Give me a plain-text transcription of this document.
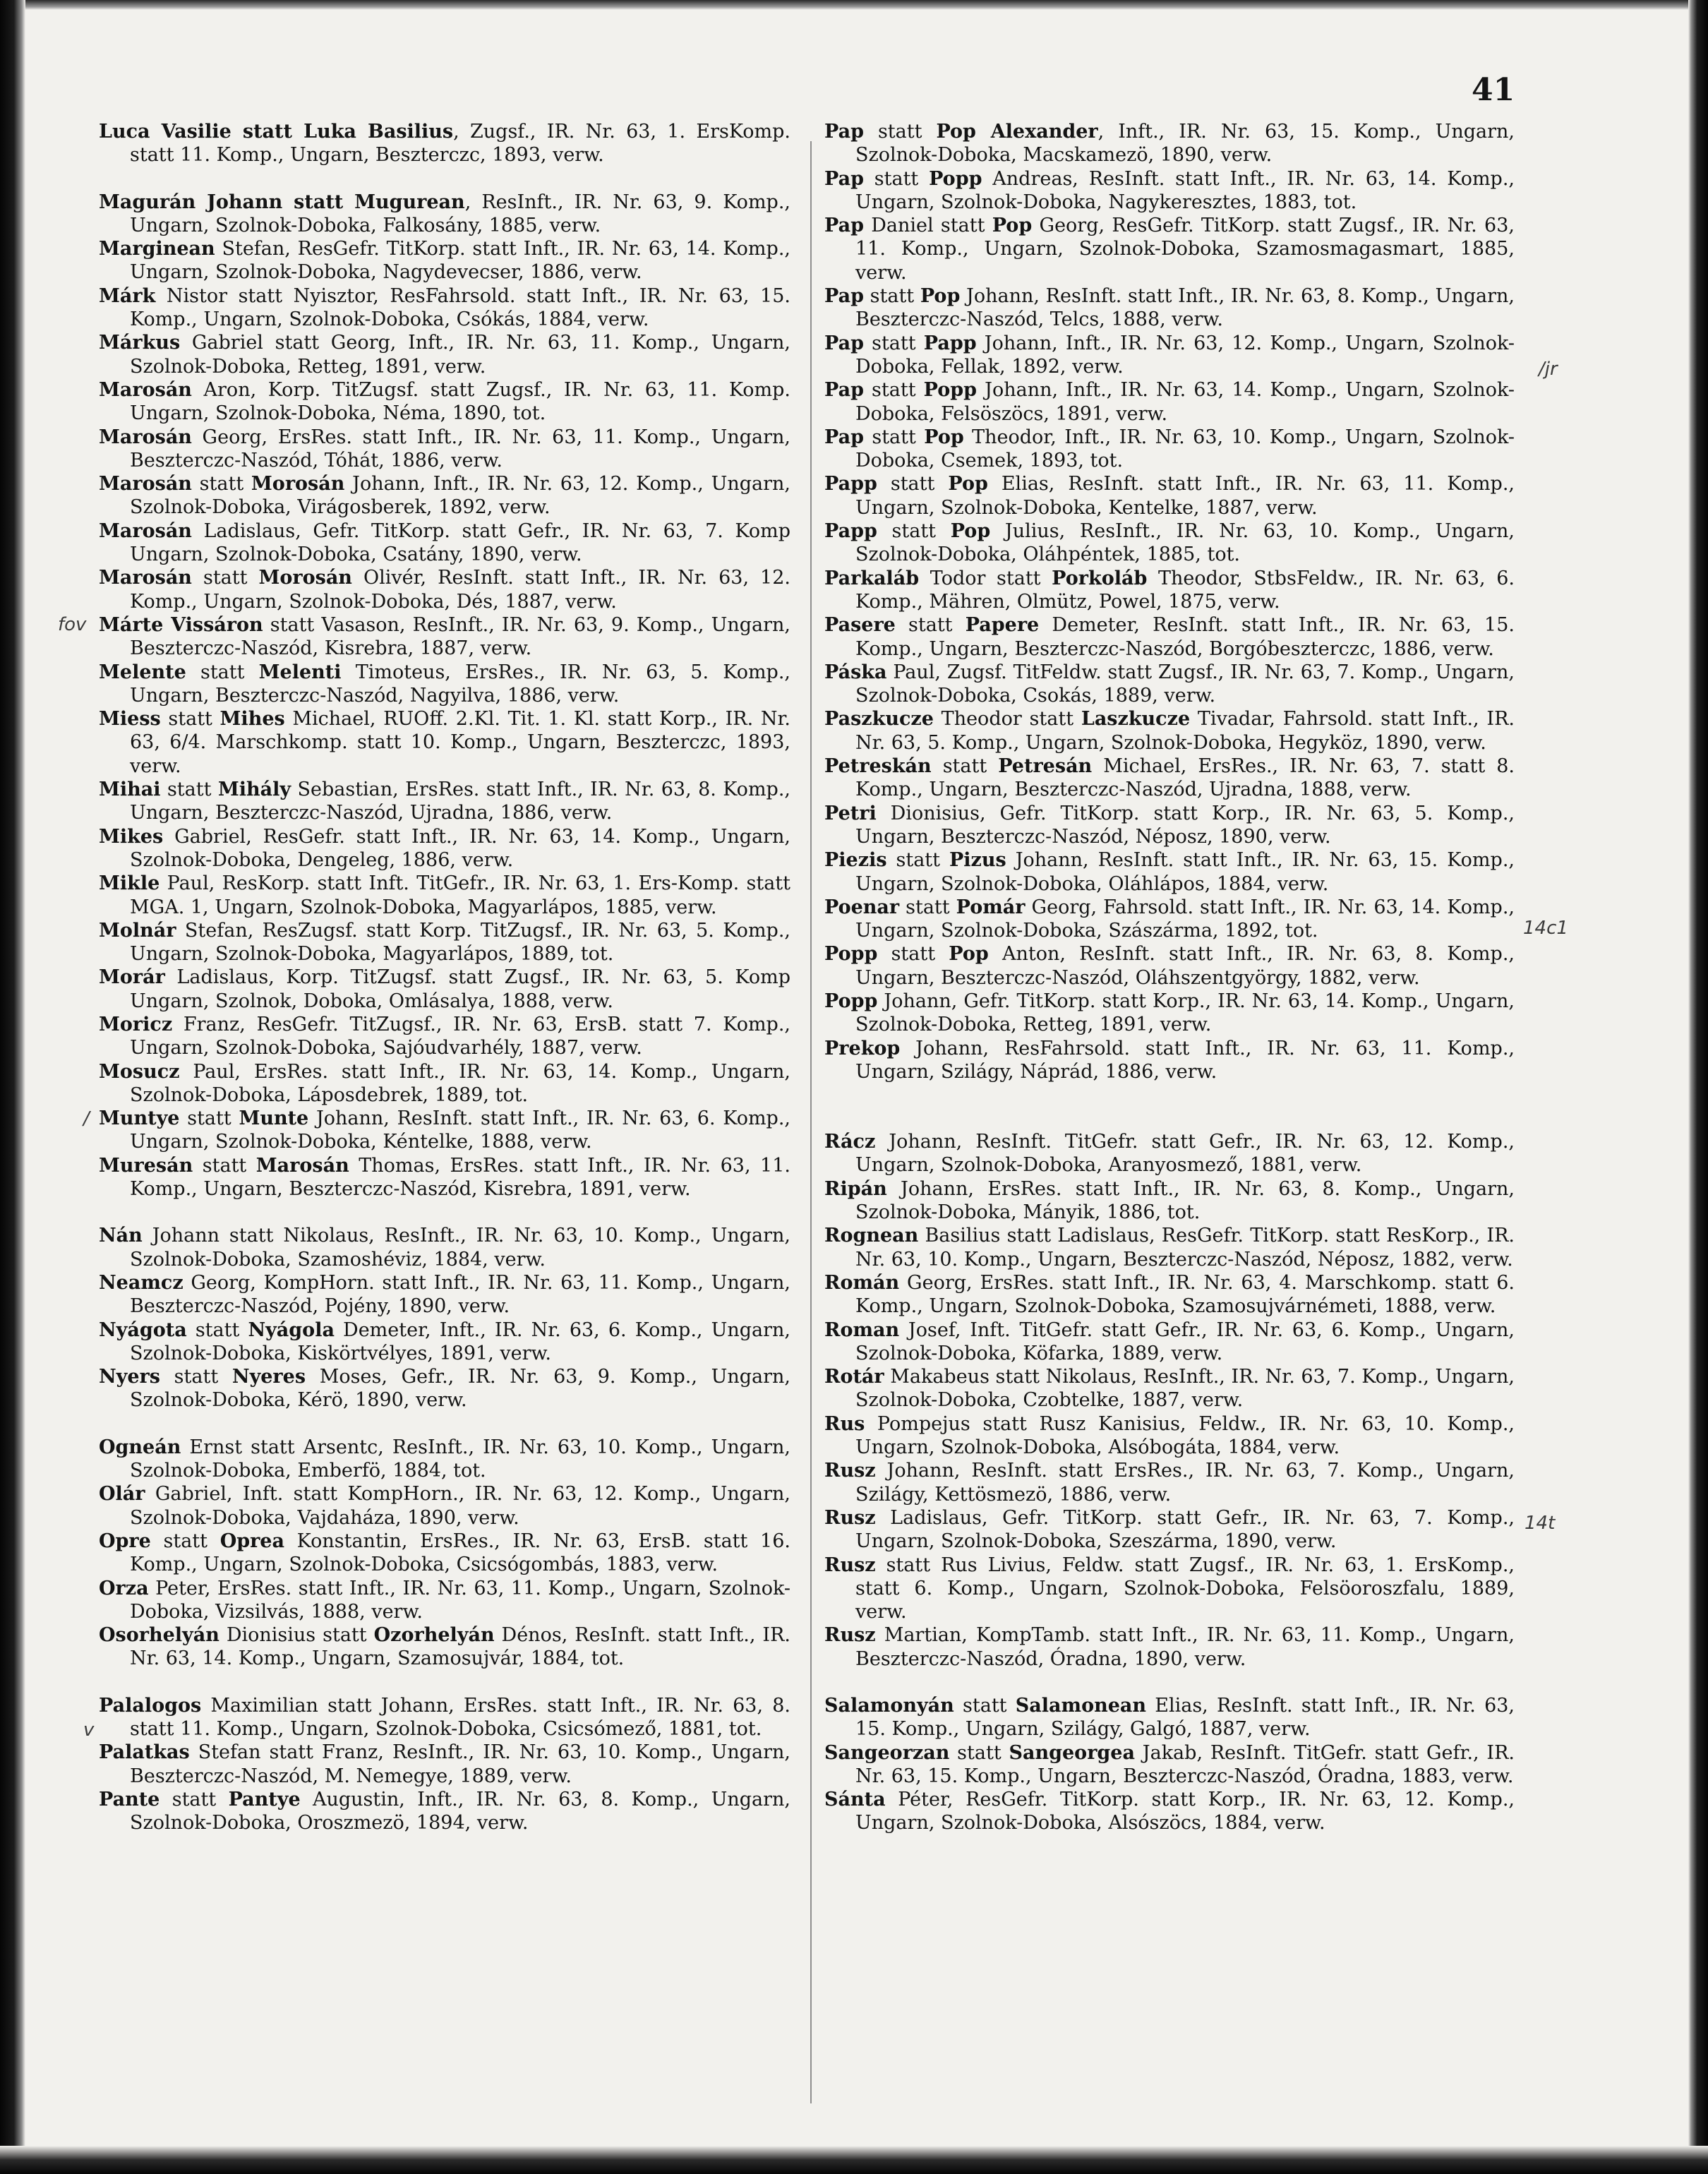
41

Luca Vasilie statt Luka Basilius, Zugsf., IR. Nr. 63, 1. ErsKomp. statt 11. Komp., Ungarn, Beszterczc, 1893, verw.

Magurán Johann statt Mugurean, ResInft., IR. Nr. 63, 9. Komp., Ungarn, Szolnok-Doboka, Falkosány, 1885, verw.

Marginean Stefan, ResGefr. TitKorp. statt Inft., IR. Nr. 63, 14. Komp., Ungarn, Szolnok-Doboka, Nagydevecser, 1886, verw.

Márk Nistor statt Nyisztor, ResFahrsold. statt Inft., IR. Nr. 63, 15. Komp., Ungarn, Szolnok-Doboka, Csókás, 1884, verw.

Márkus Gabriel statt Georg, Inft., IR. Nr. 63, 11. Komp., Ungarn, Szolnok-Doboka, Retteg, 1891, verw.

Marosán Aron, Korp. TitZugsf. statt Zugsf., IR. Nr. 63, 11. Komp. Ungarn, Szolnok-Doboka, Néma, 1890, tot.

Marosán Georg, ErsRes. statt Inft., IR. Nr. 63, 11. Komp., Ungarn, Beszterczc-Naszód, Tóhát, 1886, verw.

Marosán statt Morosán Johann, Inft., IR. Nr. 63, 12. Komp., Ungarn, Szolnok-Doboka, Virágosberek, 1892, verw.

Marosán Ladislaus, Gefr. TitKorp. statt Gefr., IR. Nr. 63, 7. Komp Ungarn, Szolnok-Doboka, Csatány, 1890, verw.

Marosán statt Morosán Olivér, ResInft. statt Inft., IR. Nr. 63, 12. Komp., Ungarn, Szolnok-Doboka, Dés, 1887, verw.

Márte Vissáron statt Vasason, ResInft., IR. Nr. 63, 9. Komp., Ungarn, Beszterczc-Naszód, Kisrebra, 1887, verw.

Melente statt Melenti Timoteus, ErsRes., IR. Nr. 63, 5. Komp., Ungarn, Beszterczc-Naszód, Nagyilva, 1886, verw.

Miess statt Mihes Michael, RUOff. 2.Kl. Tit. 1. Kl. statt Korp., IR. Nr. 63, 6/4. Marschkomp. statt 10. Komp., Ungarn, Beszterczc, 1893, verw.

Mihai statt Mihály Sebastian, ErsRes. statt Inft., IR. Nr. 63, 8. Komp., Ungarn, Beszterczc-Naszód, Ujradna, 1886, verw.

Mikes Gabriel, ResGefr. statt Inft., IR. Nr. 63, 14. Komp., Ungarn, Szolnok-Doboka, Dengeleg, 1886, verw.

Mikle Paul, ResKorp. statt Inft. TitGefr., IR. Nr. 63, 1. Ers-Komp. statt MGA. 1, Ungarn, Szolnok-Doboka, Magyarlápos, 1885, verw.

Molnár Stefan, ResZugsf. statt Korp. TitZugsf., IR. Nr. 63, 5. Komp., Ungarn, Szolnok-Doboka, Magyarlápos, 1889, tot.

Morár Ladislaus, Korp. TitZugsf. statt Zugsf., IR. Nr. 63, 5. Komp Ungarn, Szolnok, Doboka, Omlásalya, 1888, verw.

Moricz Franz, ResGefr. TitZugsf., IR. Nr. 63, ErsB. statt 7. Komp., Ungarn, Szolnok-Doboka, Sajóudvarhély, 1887, verw.

Mosucz Paul, ErsRes. statt Inft., IR. Nr. 63, 14. Komp., Ungarn, Szolnok-Doboka, Láposdebrek, 1889, tot.

Muntye statt Munte Johann, ResInft. statt Inft., IR. Nr. 63, 6. Komp., Ungarn, Szolnok-Doboka, Kéntelke, 1888, verw.

Muresán statt Marosán Thomas, ErsRes. statt Inft., IR. Nr. 63, 11. Komp., Ungarn, Beszterczc-Naszód, Kisrebra, 1891, verw.

Nán Johann statt Nikolaus, ResInft., IR. Nr. 63, 10. Komp., Ungarn, Szolnok-Doboka, Szamoshéviz, 1884, verw.

Neamcz Georg, KompHorn. statt Inft., IR. Nr. 63, 11. Komp., Ungarn, Beszterczc-Naszód, Pojény, 1890, verw.

Nyágota statt Nyágola Demeter, Inft., IR. Nr. 63, 6. Komp., Ungarn, Szolnok-Doboka, Kiskörtvélyes, 1891, verw.

Nyers statt Nyeres Moses, Gefr., IR. Nr. 63, 9. Komp., Ungarn, Szolnok-Doboka, Kérö, 1890, verw.

Ogneán Ernst statt Arsentc, ResInft., IR. Nr. 63, 10. Komp., Ungarn, Szolnok-Doboka, Emberfö, 1884, tot.

Olár Gabriel, Inft. statt KompHorn., IR. Nr. 63, 12. Komp., Ungarn, Szolnok-Doboka, Vajdaháza, 1890, verw.

Opre statt Oprea Konstantin, ErsRes., IR. Nr. 63, ErsB. statt 16. Komp., Ungarn, Szolnok-Doboka, Csicsógombás, 1883, verw.

Orza Peter, ErsRes. statt Inft., IR. Nr. 63, 11. Komp., Ungarn, Szolnok-Doboka, Vizsilvás, 1888, verw.

Osorhelyán Dionisius statt Ozorhelyán Dénos, ResInft. statt Inft., IR. Nr. 63, 14. Komp., Ungarn, Szamosujvár, 1884, tot.

Palalogos Maximilian statt Johann, ErsRes. statt Inft., IR. Nr. 63, 8. statt 11. Komp., Ungarn, Szolnok-Doboka, Csicsómező, 1881, tot.

Palatkas Stefan statt Franz, ResInft., IR. Nr. 63, 10. Komp., Ungarn, Beszterczc-Naszód, M. Nemegye, 1889, verw.

Pante statt Pantye Augustin, Inft., IR. Nr. 63, 8. Komp., Ungarn, Szolnok-Doboka, Oroszmezö, 1894, verw.

Pap statt Pop Alexander, Inft., IR. Nr. 63, 15. Komp., Ungarn, Szolnok-Doboka, Macskamezö, 1890, verw.

Pap statt Popp Andreas, ResInft. statt Inft., IR. Nr. 63, 14. Komp., Ungarn, Szolnok-Doboka, Nagykeresztes, 1883, tot.

Pap Daniel statt Pop Georg, ResGefr. TitKorp. statt Zugsf., IR. Nr. 63, 11. Komp., Ungarn, Szolnok-Doboka, Szamosmagasmart, 1885, verw.

Pap statt Pop Johann, ResInft. statt Inft., IR. Nr. 63, 8. Komp., Ungarn, Beszterczc-Naszód, Telcs, 1888, verw.

Pap statt Papp Johann, Inft., IR. Nr. 63, 12. Komp., Ungarn, Szolnok-Doboka, Fellak, 1892, verw.

Pap statt Popp Johann, Inft., IR. Nr. 63, 14. Komp., Ungarn, Szolnok-Doboka, Felsöszöcs, 1891, verw.

Pap statt Pop Theodor, Inft., IR. Nr. 63, 10. Komp., Ungarn, Szolnok-Doboka, Csemek, 1893, tot.

Papp statt Pop Elias, ResInft. statt Inft., IR. Nr. 63, 11. Komp., Ungarn, Szolnok-Doboka, Kentelke, 1887, verw.

Papp statt Pop Julius, ResInft., IR. Nr. 63, 10. Komp., Ungarn, Szolnok-Doboka, Oláhpéntek, 1885, tot.

Parkaláb Todor statt Porkoláb Theodor, StbsFeldw., IR. Nr. 63, 6. Komp., Mähren, Olmütz, Powel, 1875, verw.

Pasere statt Papere Demeter, ResInft. statt Inft., IR. Nr. 63, 15. Komp., Ungarn, Beszterczc-Naszód, Borgóbeszterczc, 1886, verw.

Páska Paul, Zugsf. TitFeldw. statt Zugsf., IR. Nr. 63, 7. Komp., Ungarn, Szolnok-Doboka, Csokás, 1889, verw.

Paszkucze Theodor statt Laszkucze Tivadar, Fahrsold. statt Inft., IR. Nr. 63, 5. Komp., Ungarn, Szolnok-Doboka, Hegyköz, 1890, verw.

Petreskán statt Petresán Michael, ErsRes., IR. Nr. 63, 7. statt 8. Komp., Ungarn, Beszterczc-Naszód, Ujradna, 1888, verw.

Petri Dionisius, Gefr. TitKorp. statt Korp., IR. Nr. 63, 5. Komp., Ungarn, Beszterczc-Naszód, Néposz, 1890, verw.

Piezis statt Pizus Johann, ResInft. statt Inft., IR. Nr. 63, 15. Komp., Ungarn, Szolnok-Doboka, Oláhlápos, 1884, verw.

Poenar statt Pomár Georg, Fahrsold. statt Inft., IR. Nr. 63, 14. Komp., Ungarn, Szolnok-Doboka, Szászárma, 1892, tot.

Popp statt Pop Anton, ResInft. statt Inft., IR. Nr. 63, 8. Komp., Ungarn, Beszterczc-Naszód, Oláhszentgyörgy, 1882, verw.

Popp Johann, Gefr. TitKorp. statt Korp., IR. Nr. 63, 14. Komp., Ungarn, Szolnok-Doboka, Retteg, 1891, verw.

Prekop Johann, ResFahrsold. statt Inft., IR. Nr. 63, 11. Komp., Ungarn, Szilágy, Náprád, 1886, verw.

Rácz Johann, ResInft. TitGefr. statt Gefr., IR. Nr. 63, 12. Komp., Ungarn, Szolnok-Doboka, Aranyosmező, 1881, verw.

Ripán Johann, ErsRes. statt Inft., IR. Nr. 63, 8. Komp., Ungarn, Szolnok-Doboka, Mányik, 1886, tot.

Rognean Basilius statt Ladislaus, ResGefr. TitKorp. statt ResKorp., IR. Nr. 63, 10. Komp., Ungarn, Beszterczc-Naszód, Néposz, 1882, verw.

Román Georg, ErsRes. statt Inft., IR. Nr. 63, 4. Marschkomp. statt 6. Komp., Ungarn, Szolnok-Doboka, Szamosujvárnémeti, 1888, verw.

Roman Josef, Inft. TitGefr. statt Gefr., IR. Nr. 63, 6. Komp., Ungarn, Szolnok-Doboka, Köfarka, 1889, verw.

Rotár Makabeus statt Nikolaus, ResInft., IR. Nr. 63, 7. Komp., Ungarn, Szolnok-Doboka, Czobtelke, 1887, verw.

Rus Pompejus statt Rusz Kanisius, Feldw., IR. Nr. 63, 10. Komp., Ungarn, Szolnok-Doboka, Alsóbogáta, 1884, verw.

Rusz Johann, ResInft. statt ErsRes., IR. Nr. 63, 7. Komp., Ungarn, Szilágy, Kettösmezö, 1886, verw.

Rusz Ladislaus, Gefr. TitKorp. statt Gefr., IR. Nr. 63, 7. Komp., Ungarn, Szolnok-Doboka, Szeszárma, 1890, verw.

Rusz statt Rus Livius, Feldw. statt Zugsf., IR. Nr. 63, 1. ErsKomp., statt 6. Komp., Ungarn, Szolnok-Doboka, Felsöoroszfalu, 1889, verw.

Rusz Martian, KompTamb. statt Inft., IR. Nr. 63, 11. Komp., Ungarn, Beszterczc-Naszód, Óradna, 1890, verw.

Salamonyán statt Salamonean Elias, ResInft. statt Inft., IR. Nr. 63, 15. Komp., Ungarn, Szilágy, Galgó, 1887, verw.

Sangeorzan statt Sangeorgea Jakab, ResInft. TitGefr. statt Gefr., IR. Nr. 63, 15. Komp., Ungarn, Beszterczc-Naszód, Óradna, 1883, verw.

Sánta Péter, ResGefr. TitKorp. statt Korp., IR. Nr. 63, 12. Komp., Ungarn, Szolnok-Doboka, Alsószöcs, 1884, verw.

fov
/
v
/jr
14c1
14t
